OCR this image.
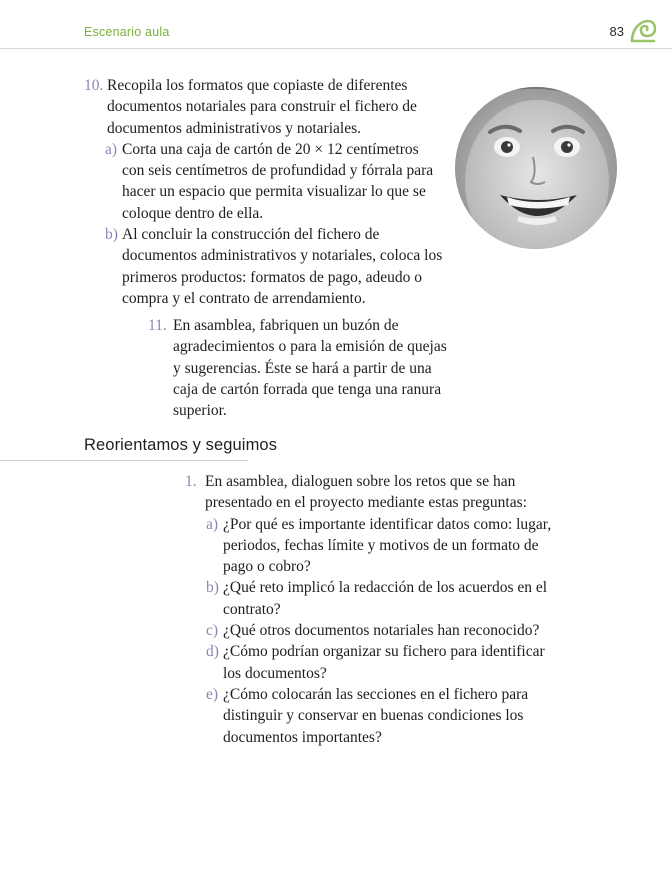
Escenario aula	83
10. Recopila los formatos que copiaste de diferentes documentos notariales para construir el fichero de documentos administrativos y notariales.
a) Corta una caja de cartón de 20 × 12 centímetros con seis centímetros de profundidad y fórrala para hacer un espacio que permita visualizar lo que se coloque dentro de ella.
b) Al concluir la construcción del fichero de documentos administrativos y notariales, coloca los primeros productos: formatos de pago, adeudo o compra y el contrato de arrendamiento.
11. En asamblea, fabriquen un buzón de agradecimientos o para la emisión de quejas y sugerencias. Éste se hará a partir de una caja de cartón forrada que tenga una ranura superior.
Reorientamos y seguimos
1. En asamblea, dialoguen sobre los retos que se han presentado en el proyecto mediante estas preguntas:
a) ¿Por qué es importante identificar datos como: lugar, periodos, fechas límite y motivos de un formato de pago o cobro?
b) ¿Qué reto implicó la redacción de los acuerdos en el contrato?
c) ¿Qué otros documentos notariales han reconocido?
d) ¿Cómo podrían organizar su fichero para identificar los documentos?
e) ¿Cómo colocarán las secciones en el fichero para distinguir y conservar en buenas condiciones los documentos importantes?
